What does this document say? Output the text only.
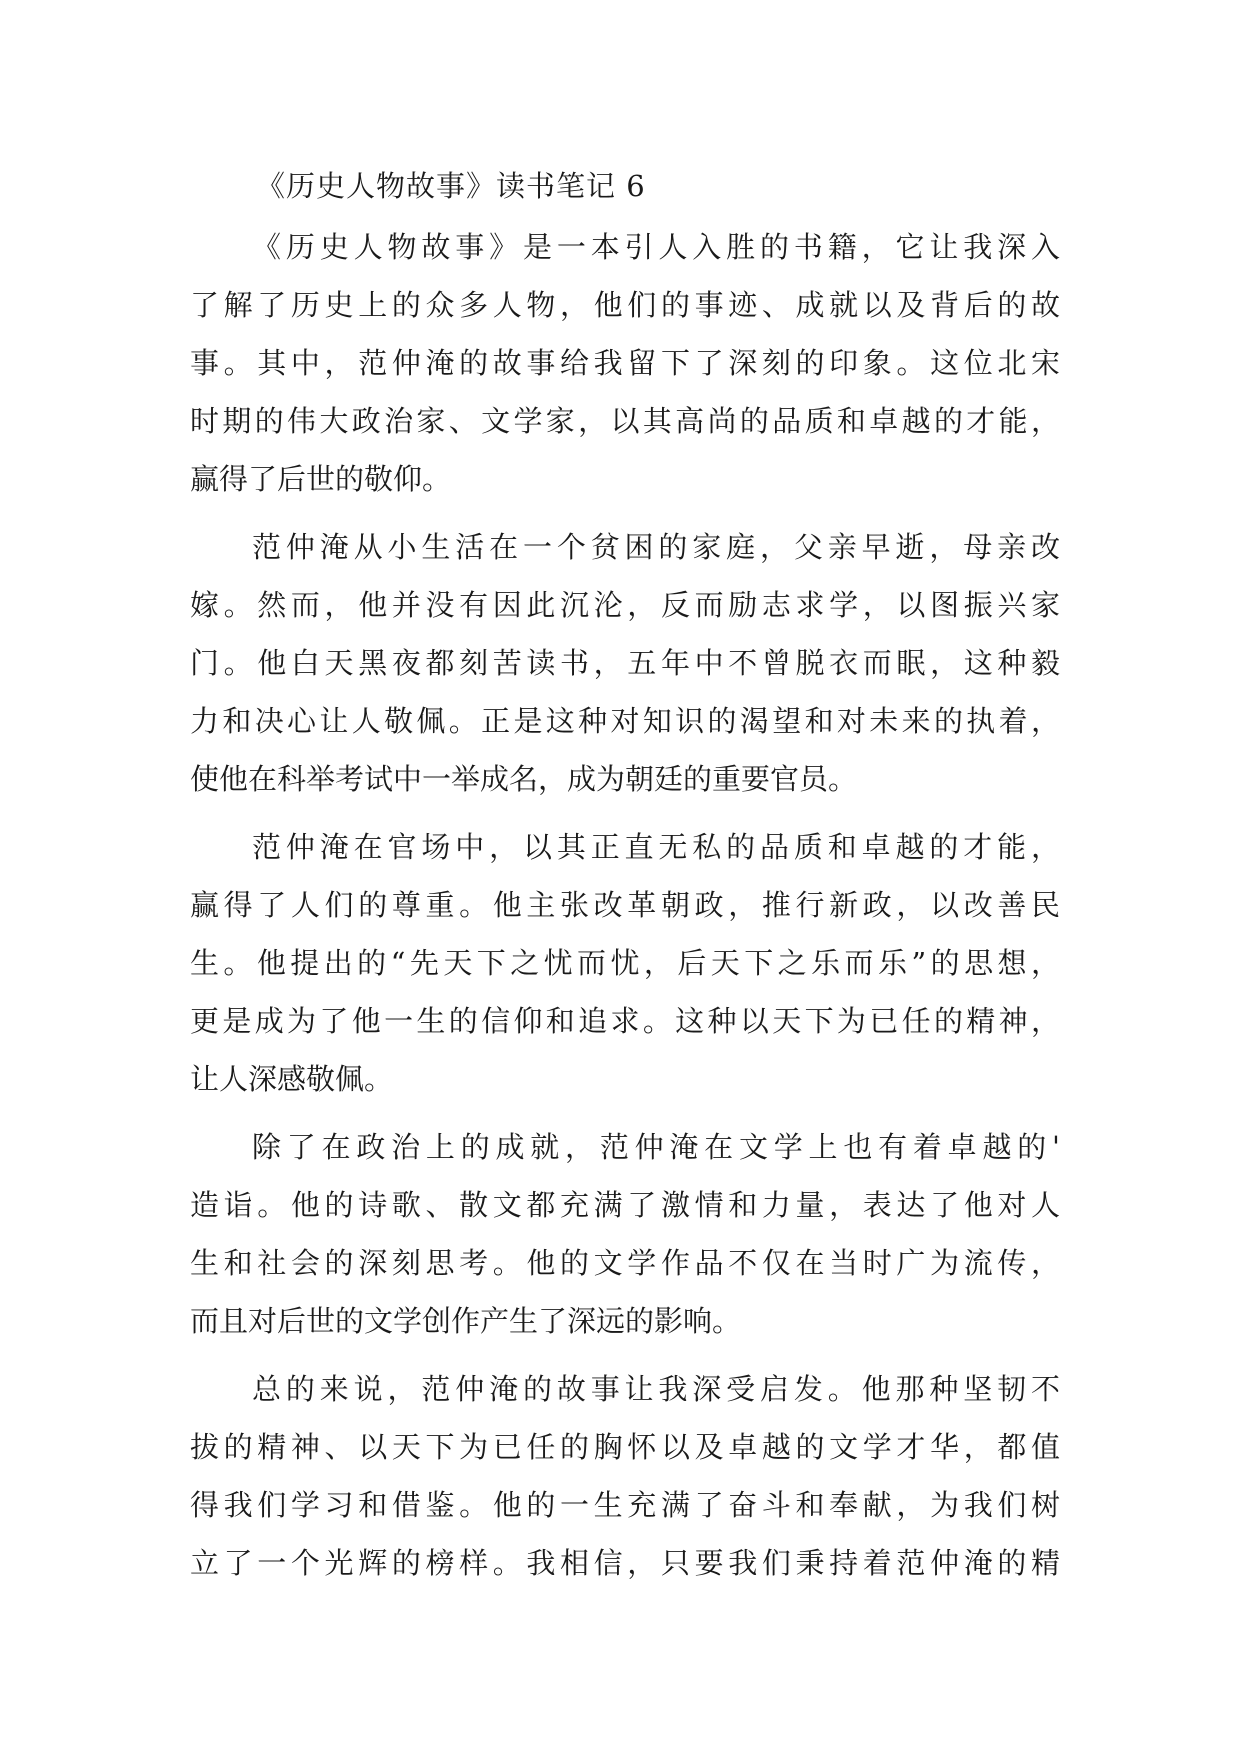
《历史人物故事》读书笔记 6
《历史人物故事》是一本引人入胜的书籍，它让我深入
了解了历史上的众多人物，他们的事迹、成就以及背后的故
事。其中，范仲淹的故事给我留下了深刻的印象。这位北宋
时期的伟大政治家、文学家，以其高尚的品质和卓越的才能，
赢得了后世的敬仰。
范仲淹从小生活在一个贫困的家庭，父亲早逝，母亲改
嫁。然而，他并没有因此沉沦，反而励志求学，以图振兴家
门。他白天黑夜都刻苦读书，五年中不曾脱衣而眠，这种毅
力和决心让人敬佩。正是这种对知识的渴望和对未来的执着，
使他在科举考试中一举成名，成为朝廷的重要官员。
范仲淹在官场中，以其正直无私的品质和卓越的才能，
赢得了人们的尊重。他主张改革朝政，推行新政，以改善民
生。他提出的“先天下之忧而忧，后天下之乐而乐”的思想，
更是成为了他一生的信仰和追求。这种以天下为已任的精神，
让人深感敬佩。
除了在政治上的成就，范仲淹在文学上也有着卓越的'
造诣。他的诗歌、散文都充满了激情和力量，表达了他对人
生和社会的深刻思考。他的文学作品不仅在当时广为流传，
而且对后世的文学创作产生了深远的影响。
总的来说，范仲淹的故事让我深受启发。他那种坚韧不
拔的精神、以天下为已任的胸怀以及卓越的文学才华，都值
得我们学习和借鉴。他的一生充满了奋斗和奉献，为我们树
立了一个光辉的榜样。我相信，只要我们秉持着范仲淹的精
